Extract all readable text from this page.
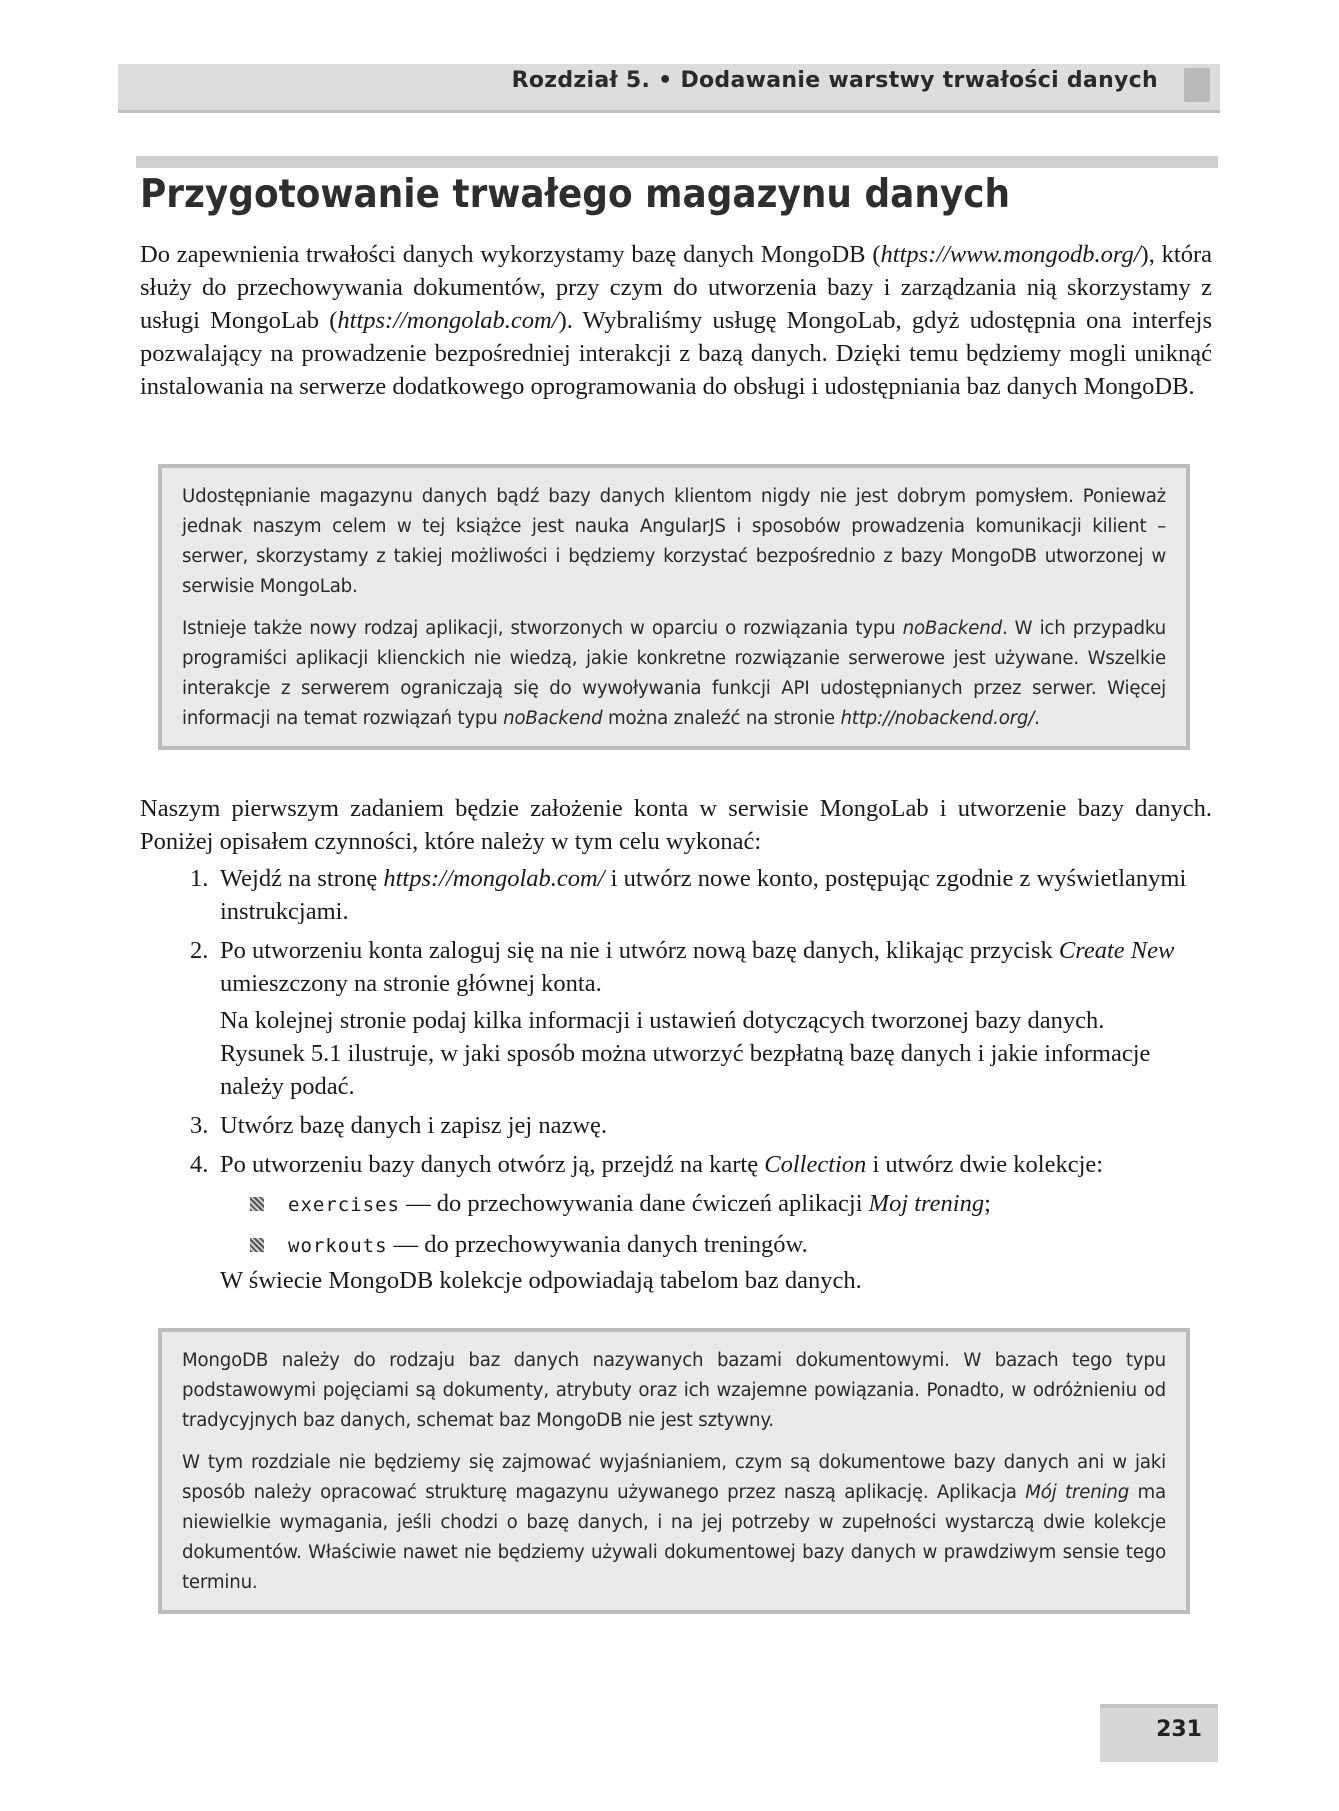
Rozdział 5. • Dodawanie warstwy trwałości danych
Przygotowanie trwałego magazynu danych

Do zapewnienia trwałości danych wykorzystamy bazę danych MongoDB (https://www.mongodb.org/), która służy do przechowywania dokumentów, przy czym do utworzenia bazy i zarządzania nią skorzystamy z usługi MongoLab (https://mongolab.com/). Wybraliśmy usługę MongoLab, gdyż udostępnia ona interfejs pozwalający na prowadzenie bezpośredniej interakcji z bazą danych. Dzięki temu będziemy mogli uniknąć instalowania na serwerze dodatkowego oprogramowania do obsługi i udostępniania baz danych MongoDB.

Udostępnianie magazynu danych bądź bazy danych klientom nigdy nie jest dobrym pomysłem. Ponieważ jednak naszym celem w tej książce jest nauka AngularJS i sposobów prowadzenia komunikacji kilient – serwer, skorzystamy z takiej możliwości i będziemy korzystać bezpośrednio z bazy MongoDB utworzonej w serwisie MongoLab.

Istnieje także nowy rodzaj aplikacji, stworzonych w oparciu o rozwiązania typu noBackend. W ich przypadku programiści aplikacji klienckich nie wiedzą, jakie konkretne rozwiązanie serwerowe jest używane. Wszelkie interakcje z serwerem ograniczają się do wywoływania funkcji API udostępnianych przez serwer. Więcej informacji na temat rozwiązań typu noBackend można znaleźć na stronie http://nobackend.org/.

Naszym pierwszym zadaniem będzie założenie konta w serwisie MongoLab i utworzenie bazy danych. Poniżej opisałem czynności, które należy w tym celu wykonać:

1. Wejdź na stronę https://mongolab.com/ i utwórz nowe konto, postępując zgodnie z wyświetlanymi instrukcjami.
2. Po utworzeniu konta zaloguj się na nie i utwórz nową bazę danych, klikając przycisk Create New umieszczony na stronie głównej konta.
Na kolejnej stronie podaj kilka informacji i ustawień dotyczących tworzonej bazy danych. Rysunek 5.1 ilustruje, w jaki sposób można utworzyć bezpłatną bazę danych i jakie informacje należy podać.
3. Utwórz bazę danych i zapisz jej nazwę.
4. Po utworzeniu bazy danych otwórz ją, przejdź na kartę Collection i utwórz dwie kolekcje:
exercises — do przechowywania dane ćwiczeń aplikacji Moj trening;
workouts — do przechowywania danych treningów.

W świecie MongoDB kolekcje odpowiadają tabelom baz danych.

MongoDB należy do rodzaju baz danych nazywanych bazami dokumentowymi. W bazach tego typu podstawowymi pojęciami są dokumenty, atrybuty oraz ich wzajemne powiązania. Ponadto, w odróżnieniu od tradycyjnych baz danych, schemat baz MongoDB nie jest sztywny.

W tym rozdziale nie będziemy się zajmować wyjaśnianiem, czym są dokumentowe bazy danych ani w jaki sposób należy opracować strukturę magazynu używanego przez naszą aplikację. Aplikacja Mój trening ma niewielkie wymagania, jeśli chodzi o bazę danych, i na jej potrzeby w zupełności wystarczą dwie kolekcje dokumentów. Właściwie nawet nie będziemy używali dokumentowej bazy danych w prawdziwym sensie tego terminu.

231
